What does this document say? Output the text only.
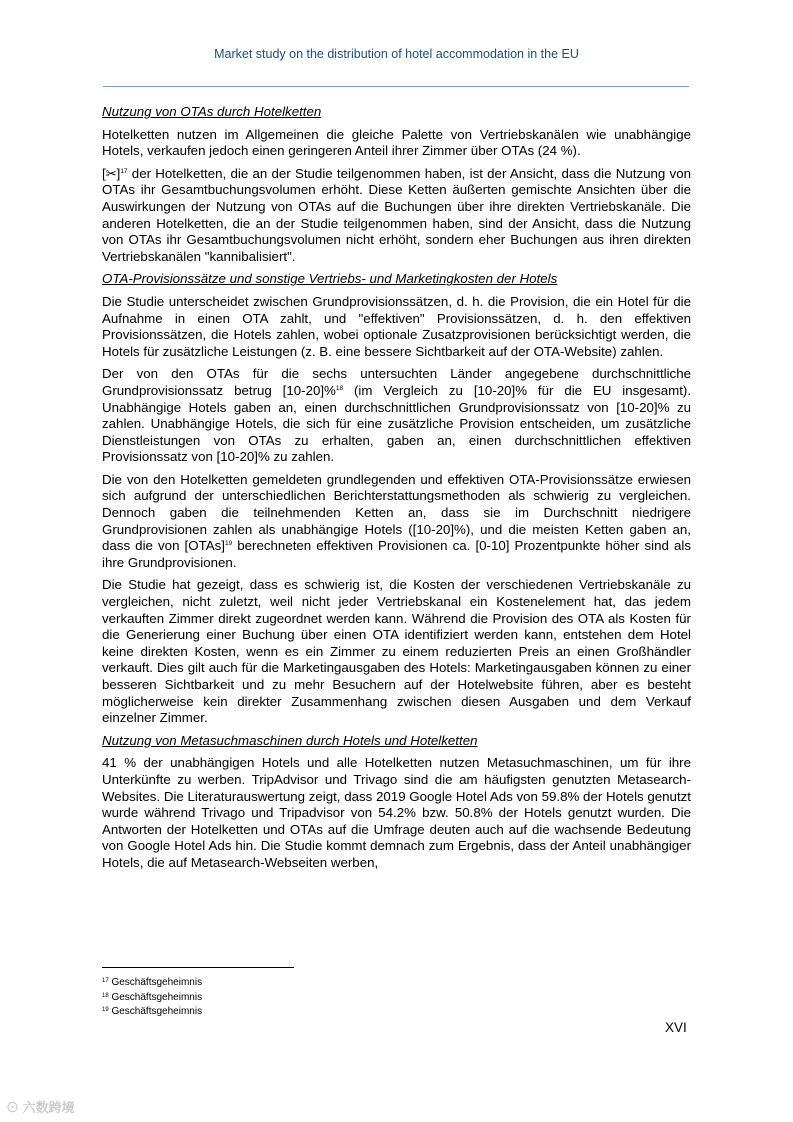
Market study on the distribution of hotel accommodation in the EU
Nutzung von OTAs durch Hotelketten

Hotelketten nutzen im Allgemeinen die gleiche Palette von Vertriebskanälen wie unabhängige Hotels, verkaufen jedoch einen geringeren Anteil ihrer Zimmer über OTAs (24 %).

[✂]$^{17}$ der Hotelketten, die an der Studie teilgenommen haben, ist der Ansicht, dass die Nutzung von OTAs ihr Gesamtbuchungsvolumen erhöht. Diese Ketten äußerten gemischte Ansichten über die Auswirkungen der Nutzung von OTAs auf die Buchungen über ihre direkten Vertriebskanäle. Die anderen Hotelketten, die an der Studie teilgenommen haben, sind der Ansicht, dass die Nutzung von OTAs ihr Gesamtbuchungsvolumen nicht erhöht, sondern eher Buchungen aus ihren direkten Vertriebskanälen "kannibalisiert".

OTA-Provisionssätze und sonstige Vertriebs- und Marketingkosten der Hotels

Die Studie unterscheidet zwischen Grundprovisionssätzen, d. h. die Provision, die ein Hotel für die Aufnahme in einen OTA zahlt, und "effektiven" Provisionssätzen, d. h. den effektiven Provisionssätzen, die Hotels zahlen, wobei optionale Zusatzprovisionen berücksichtigt werden, die Hotels für zusätzliche Leistungen (z. B. eine bessere Sichtbarkeit auf der OTA-Website) zahlen.

Der von den OTAs für die sechs untersuchten Länder angegebene durchschnittliche Grundprovisionssatz betrug [10-20]%$^{18}$ (im Vergleich zu [10-20]% für die EU insgesamt). Unabhängige Hotels gaben an, einen durchschnittlichen Grundprovisionssatz von [10-20]% zu zahlen. Unabhängige Hotels, die sich für eine zusätzliche Provision entscheiden, um zusätzliche Dienstleistungen von OTAs zu erhalten, gaben an, einen durchschnittlichen effektiven Provisionssatz von [10-20]% zu zahlen.

Die von den Hotelketten gemeldeten grundlegenden und effektiven OTA-Provisionssätze erwiesen sich aufgrund der unterschiedlichen Berichterstattungsmethoden als schwierig zu vergleichen. Dennoch gaben die teilnehmenden Ketten an, dass sie im Durchschnitt niedrigere Grundprovisionen zahlen als unabhängige Hotels ([10-20]%), und die meisten Ketten gaben an, dass die von [OTAs]$^{19}$ berechneten effektiven Provisionen ca. [0-10] Prozentpunkte höher sind als ihre Grundprovisionen.

Die Studie hat gezeigt, dass es schwierig ist, die Kosten der verschiedenen Vertriebskanäle zu vergleichen, nicht zuletzt, weil nicht jeder Vertriebskanal ein Kostenelement hat, das jedem verkauften Zimmer direkt zugeordnet werden kann. Während die Provision des OTA als Kosten für die Generierung einer Buchung über einen OTA identifiziert werden kann, entstehen dem Hotel keine direkten Kosten, wenn es ein Zimmer zu einem reduzierten Preis an einen Großhändler verkauft. Dies gilt auch für die Marketingausgaben des Hotels: Marketingausgaben können zu einer besseren Sichtbarkeit und zu mehr Besuchern auf der Hotelwebsite führen, aber es besteht möglicherweise kein direkter Zusammenhang zwischen diesen Ausgaben und dem Verkauf einzelner Zimmer.

Nutzung von Metasuchmaschinen durch Hotels und Hotelketten

41 % der unabhängigen Hotels und alle Hotelketten nutzen Metasuchmaschinen, um für ihre Unterkünfte zu werben. TripAdvisor und Trivago sind die am häufigsten genutzten Metasearch-Websites. Die Literaturauswertung zeigt, dass 2019 Google Hotel Ads von 59.8% der Hotels genutzt wurde während Trivago und Tripadvisor von 54.2% bzw. 50.8% der Hotels genutzt wurden. Die Antworten der Hotelketten und OTAs auf die Umfrage deuten auch auf die wachsende Bedeutung von Google Hotel Ads hin. Die Studie kommt demnach zum Ergebnis, dass der Anteil unabhängiger Hotels, die auf Metasearch-Webseiten werben,

$^{17}$ Geschäftsgeheimnis
$^{18}$ Geschäftsgeheimnis
$^{19}$ Geschäftsgeheimnis
XVI
⊙ 六数跨境
